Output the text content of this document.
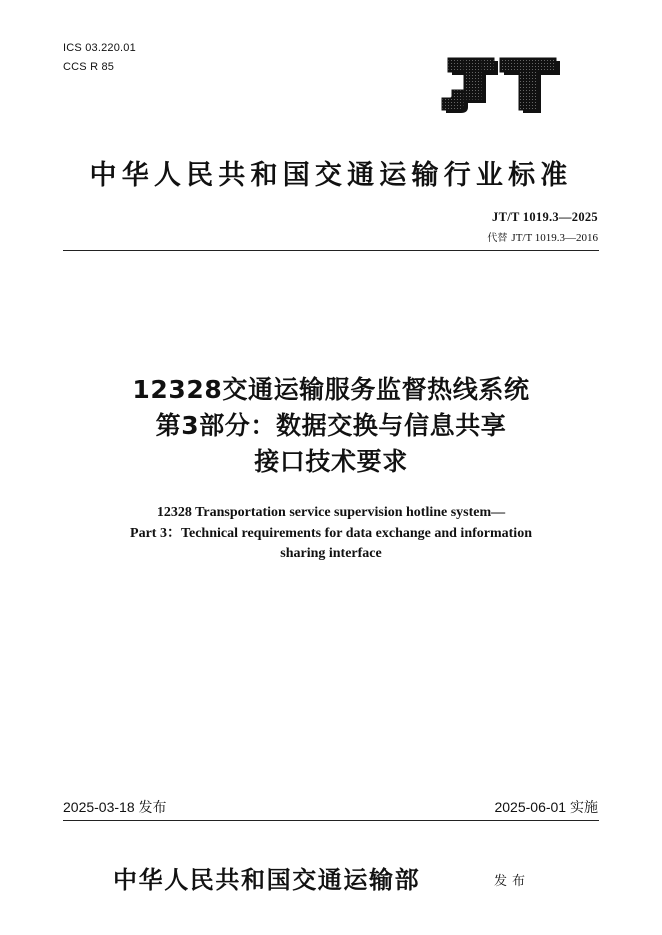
ICS 03.220.01
CCS R 85
中华人民共和国交通运输行业标准
JT/T 1019.3—2025
代替 JT/T 1019.3—2016
12328交通运输服务监督热线系统
第3部分：数据交换与信息共享
接口技术要求
12328 Transportation service supervision hotline system—
Part 3：Technical requirements for data exchange and information
sharing interface
2025-03-18 发布	2025-06-01 实施
中华人民共和国交通运输部	发布
